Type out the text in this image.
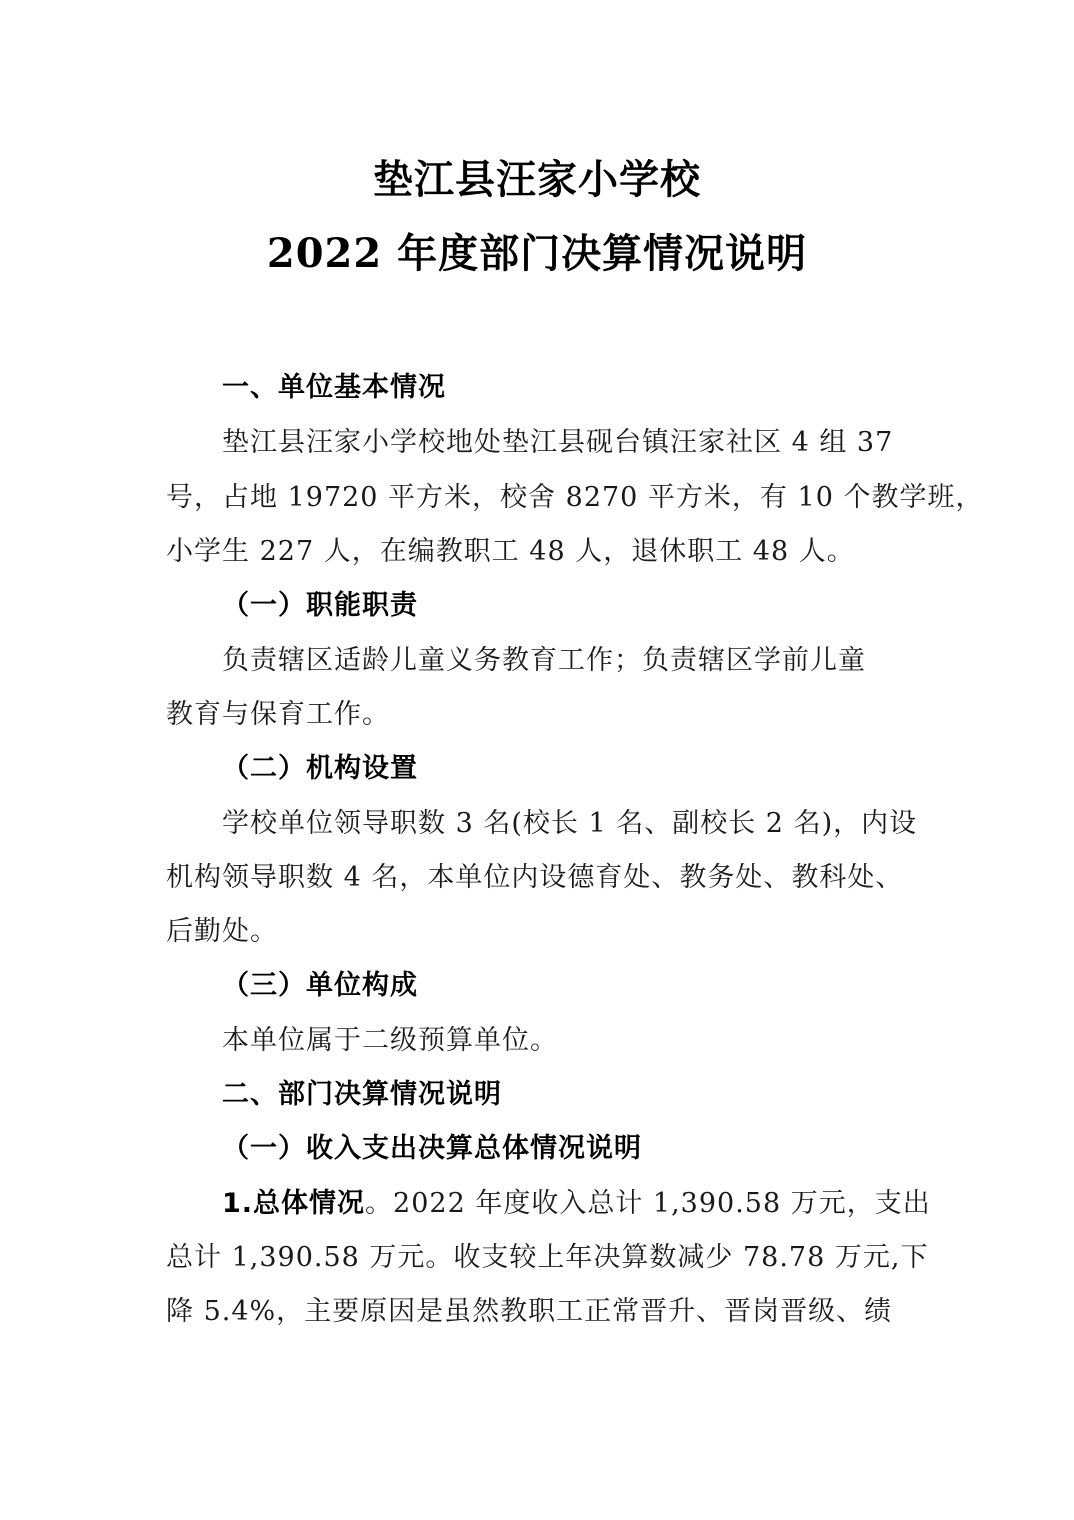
垫江县汪家小学校
2022 年度部门决算情况说明
一、单位基本情况
垫江县汪家小学校地处垫江县砚台镇汪家社区 4 组 37
号，占地 19720 平方米，校舍 8270 平方米，有 10 个教学班，
小学生 227 人，在编教职工 48 人，退休职工 48 人。
（一）职能职责
负责辖区适龄儿童义务教育工作；负责辖区学前儿童
教育与保育工作。
（二）机构设置
学校单位领导职数 3 名(校长 1 名、副校长 2 名)，内设
机构领导职数 4 名，本单位内设德育处、教务处、教科处、
后勤处。
（三）单位构成
本单位属于二级预算单位。
二、部门决算情况说明
（一）收入支出决算总体情况说明
1.总体情况。2022 年度收入总计 1,390.58 万元，支出
总计 1,390.58 万元。收支较上年决算数减少 78.78 万元,下
降 5.4%，主要原因是虽然教职工正常晋升、晋岗晋级、绩
